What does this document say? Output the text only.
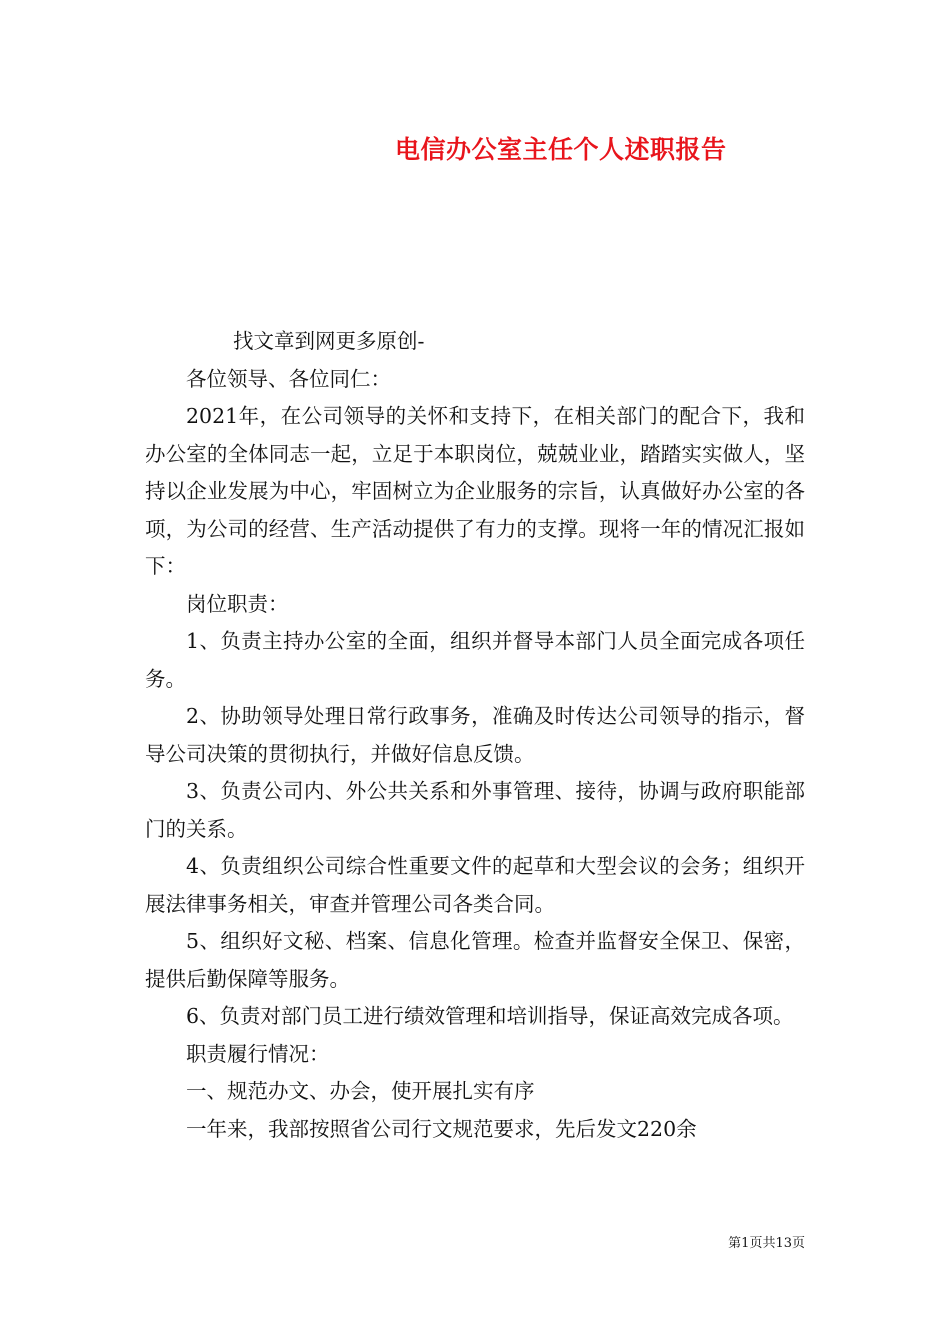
电信办公室主任个人述职报告

找文章到网更多原创-

各位领导、各位同仁：

2021年，在公司领导的关怀和支持下，在相关部门的配合下，我和办公室的全体同志一起，立足于本职岗位，兢兢业业，踏踏实实做人，坚持以企业发展为中心，牢固树立为企业服务的宗旨，认真做好办公室的各项，为公司的经营、生产活动提供了有力的支撑。现将一年的情况汇报如下：

岗位职责：

1、负责主持办公室的全面，组织并督导本部门人员全面完成各项任务。

2、协助领导处理日常行政事务，准确及时传达公司领导的指示，督导公司决策的贯彻执行，并做好信息反馈。

3、负责公司内、外公共关系和外事管理、接待，协调与政府职能部门的关系。

4、负责组织公司综合性重要文件的起草和大型会议的会务；组织开展法律事务相关，审查并管理公司各类合同。

5、组织好文秘、档案、信息化管理。检查并监督安全保卫、保密，提供后勤保障等服务。

6、负责对部门员工进行绩效管理和培训指导，保证高效完成各项。

职责履行情况：

一、规范办文、办会，使开展扎实有序

一年来，我部按照省公司行文规范要求，先后发文220余

第1页共13页
